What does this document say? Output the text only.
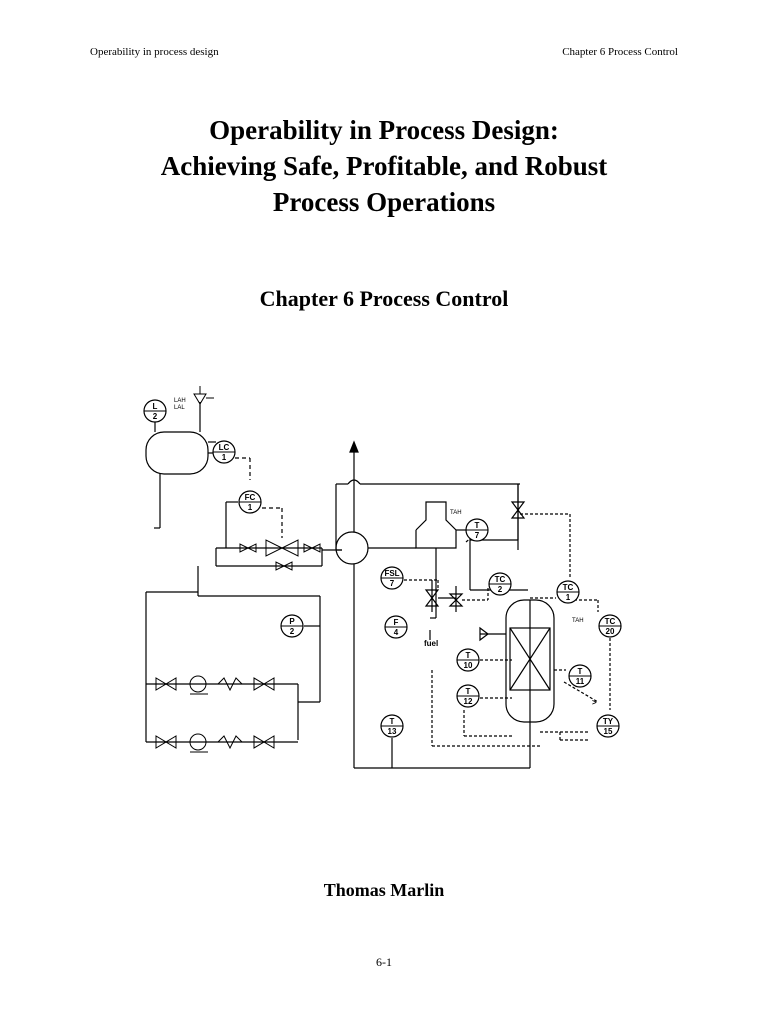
Operability in process design	Chapter 6 Process Control
Operability in Process Design:
Achieving Safe, Profitable, and Robust
Process Operations
Chapter 6 Process Control
L
2
LC
1
FC
1
P
2
T
7
FSL
7	TC
2	TC
1
F
4
TC
20
T
10
T
11
T
12
T
13
TY
15
LAH
LAL
TAH
TAH
fuel
>
Thomas Marlin
6-1
